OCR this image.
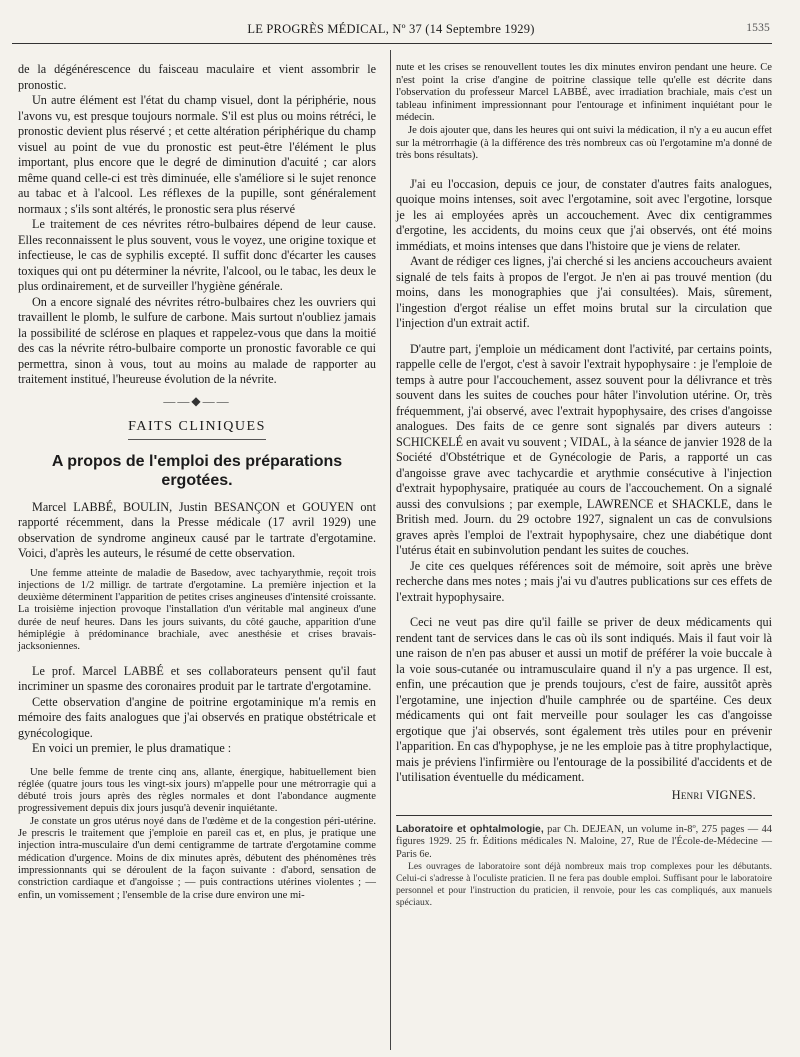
LE PROGRÈS MÉDICAL, Nº 37 (14 Septembre 1929)	1535

de la dégénérescence du faisceau maculaire et vient assombrir le pronostic.

Un autre élément est l'état du champ visuel, dont la périphérie, nous l'avons vu, est presque toujours normale. S'il est plus ou moins rétréci, le pronostic devient plus réservé ; et cette altération périphérique du champ visuel au point de vue du pronostic est peut-être l'élément le plus important, plus encore que le degré de diminution d'acuité ; car alors même quand celle-ci est très diminuée, elle s'améliore si le sujet renonce au tabac et à l'alcool. Les réflexes de la pupille, sont généralement normaux ; s'ils sont altérés, le pronostic sera plus réservé

Le traitement de ces névrites rétro-bulbaires dépend de leur cause. Elles reconnaissent le plus souvent, vous le voyez, une origine toxique et infectieuse, le cas de syphilis excepté. Il suffit donc d'écarter les causes toxiques qui ont pu déterminer la névrite, l'alcool, ou le tabac, les deux le plus ordinairement, et de surveiller l'hygiène générale.

On a encore signalé des névrites rétro-bulbaires chez les ouvriers qui travaillent le plomb, le sulfure de carbone. Mais surtout n'oubliez jamais la possibilité de sclérose en plaques et rappelez-vous que dans la moitié des cas la névrite rétro-bulbaire comporte un pronostic favorable ce qui permettra, sinon à vous, tout au moins au malade de rapporter au traitement institué, l'heureuse évolution de la névrite.

——◆——
FAITS CLINIQUES
A propos de l'emploi des préparations ergotées.

Marcel LABBÉ, BOULIN, Justin BESANÇON et GOUYEN ont rapporté récemment, dans la Presse médicale (17 avril 1929) une observation de syndrome angineux causé par le tartrate d'ergotamine. Voici, d'après les auteurs, le résumé de cette observation.

Une femme atteinte de maladie de Basedow, avec tachyarythmie, reçoit trois injections de 1/2 milligr. de tartrate d'ergotamine. La première injection et la deuxième déterminent l'apparition de petites crises angineuses d'intensité croissante. La troisième injection provoque l'installation d'un véritable mal angineux d'une durée de neuf heures. Dans les jours suivants, du côté gauche, apparition d'une hémiplégie à prédominance brachiale, avec anesthésie et crises bravais-jacksoniennes.

Le prof. Marcel LABBÉ et ses collaborateurs pensent qu'il faut incriminer un spasme des coronaires produit par le tartrate d'ergotamine.

Cette observation d'angine de poitrine ergotaminique m'a remis en mémoire des faits analogues que j'ai observés en pratique obstétricale et gynécologique.

En voici un premier, le plus dramatique :

Une belle femme de trente cinq ans, allante, énergique, habituellement bien réglée (quatre jours tous les vingt-six jours) m'appelle pour une métrorragie qui a débuté trois jours après des règles normales et dont l'abondance augmente progressivement depuis dix jours jusqu'à devenir inquiétante.

Je constate un gros utérus noyé dans de l'œdème et de la congestion péri-utérine. Je prescris le traitement que j'emploie en pareil cas et, en plus, je pratique une injection intra-musculaire d'un demi centigramme de tartrate d'ergotamine comme médication d'urgence. Moins de dix minutes après, débutent des phénomènes très impressionnants qui se déroulent de la façon suivante : d'abord, sensation de constriction cardiaque et d'angoisse ; — puis contractions utérines violentes ; — enfin, un vomissement ; l'ensemble de la crise dure environ une mi-

nute et les crises se renouvellent toutes les dix minutes environ pendant une heure. Ce n'est point la crise d'angine de poitrine classique telle qu'elle est décrite dans l'observation du professeur Marcel LABBÉ, avec irradiation brachiale, mais c'est un tableau infiniment impressionnant pour l'entourage et infiniment inquiétant pour le médecin.

Je dois ajouter que, dans les heures qui ont suivi la médication, il n'y a eu aucun effet sur la métrorrhagie (à la différence des très nombreux cas où l'ergotamine m'a donné de très bons résultats).

J'ai eu l'occasion, depuis ce jour, de constater d'autres faits analogues, quoique moins intenses, soit avec l'ergotamine, soit avec l'ergotine, lorsque je les ai employées après un accouchement. Avec dix centigrammes d'ergotine, les accidents, du moins ceux que j'ai observés, ont été moins immédiats, et moins intenses que dans l'histoire que je viens de relater.

Avant de rédiger ces lignes, j'ai cherché si les anciens accoucheurs avaient signalé de tels faits à propos de l'ergot. Je n'en ai pas trouvé mention (du moins, dans les monographies que j'ai consultées). Mais, sûrement, l'ingestion d'ergot réalise un effet moins brutal sur la circulation que l'injection d'un extrait actif.

D'autre part, j'emploie un médicament dont l'activité, par certains points, rappelle celle de l'ergot, c'est à savoir l'extrait hypophysaire : je l'emploie de temps à autre pour l'accouchement, assez souvent pour la délivrance et très souvent dans les suites de couches pour hâter l'involution utérine. Or, très fréquemment, j'ai observé, avec l'extrait hypophysaire, des crises d'angoisse analogues. Des faits de ce genre sont signalés par divers auteurs : SCHICKELÉ en avait vu souvent ; VIDAL, à la séance de janvier 1928 de la Société d'Obstétrique et de Gynécologie de Paris, a rapporté un cas d'angoisse grave avec tachycardie et arythmie consécutive à l'injection d'extrait hypophysaire, pratiquée au cours de l'accouchement. On a signalé aussi des convulsions ; par exemple, LAWRENCE et SHACKLE, dans le British med. Journ. du 29 octobre 1927, signalent un cas de convulsions graves après l'emploi de l'extrait hypophysaire, chez une diabétique dont l'utérus était en subinvolution pendant les suites de couches.

Je cite ces quelques références soit de mémoire, soit après une brève recherche dans mes notes ; mais j'ai vu d'autres publications sur ces effets de l'extrait hypophysaire.

Ceci ne veut pas dire qu'il faille se priver de deux médicaments qui rendent tant de services dans le cas où ils sont indiqués. Mais il faut voir là une raison de n'en pas abuser et aussi un motif de préférer la voie buccale à la voie sous-cutanée ou intramusculaire quand il n'y a pas urgence. Il est, enfin, une précaution que je prends toujours, c'est de faire, aussitôt après l'ergotamine, une injection d'huile camphrée ou de spartéine. Ces deux médicaments qui ont fait merveille pour soulager les cas d'angoisse ergotique que j'ai observés, sont également très utiles pour en prévenir l'apparition. En cas d'hypophyse, je ne les emploie pas à titre prophylactique, mais je préviens l'infirmière ou l'entourage de la possibilité d'accidents et de l'utilisation éventuelle du médicament.

Henri VIGNES.

Laboratoire et ophtalmologie, par Ch. DEJEAN, un volume in-8º, 275 pages — 44 figures 1929. 25 fr. Éditions médicales N. Maloine, 27, Rue de l'École-de-Médecine — Paris 6e.

Les ouvrages de laboratoire sont déjà nombreux mais trop complexes pour les débutants. Celui-ci s'adresse à l'oculiste praticien. Il ne fera pas double emploi. Suffisant pour le laboratoire personnel et pour l'instruction du praticien, il renvoie, pour les cas compliqués, aux manuels spéciaux.
